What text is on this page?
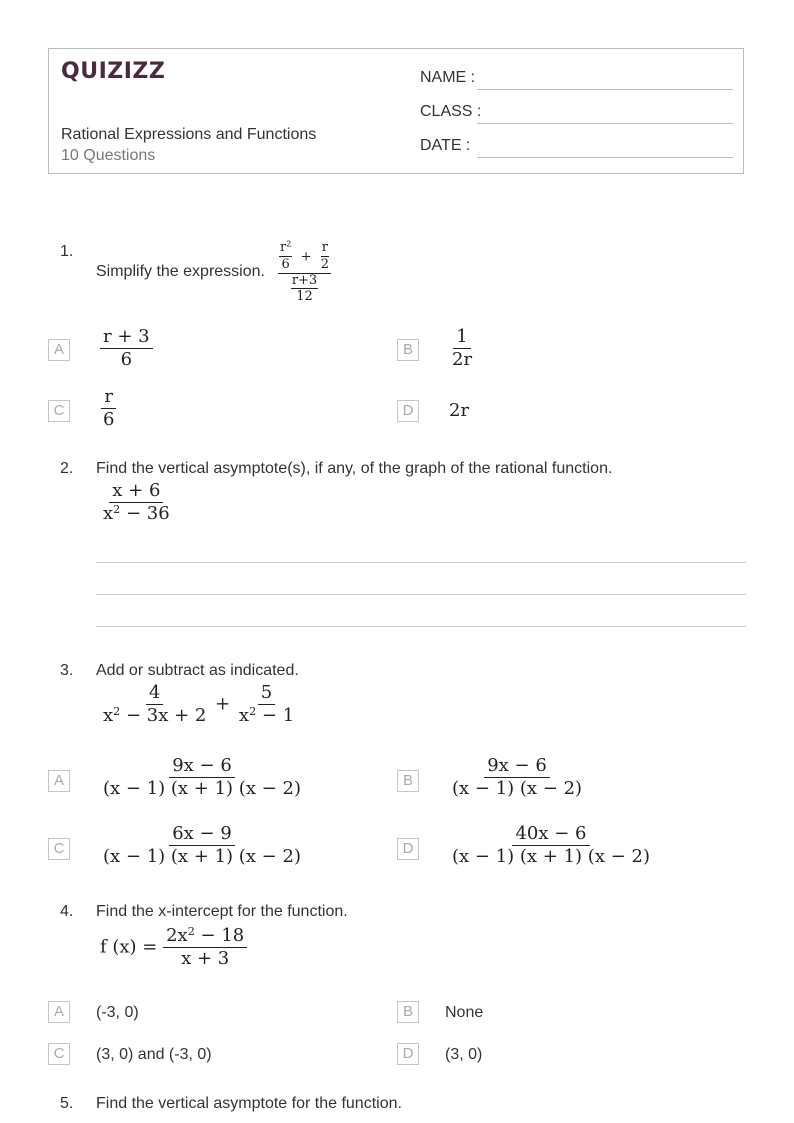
QUIZIZZ
Rational Expressions and Functions
10 Questions
NAME :
CLASS :
DATE :
1.
Simplify the expression. $\frac{\frac{r^2}{6} + \frac{r}{2}}{\frac{r+3}{12}}$
A	$\frac{r + 3}{6}$	B	$\frac{1}{2r}$
C	$\frac{r}{6}$	D	2r
2. Find the vertical asymptote(s), if any, of the graph of the rational function.
$\frac{x + 6}{x^2 - 36}$
3. Add or subtract as indicated.
$\frac{4}{x^2 - 3x + 2} + \frac{5}{x^2 - 1}$
A	$\frac{9x - 6}{(x - 1) (x + 1) (x - 2)}$	B	$\frac{9x - 6}{(x - 1) (x - 2)}$
C	$\frac{6x - 9}{(x - 1) (x + 1) (x - 2)}$	D	$\frac{40x - 6}{(x - 1) (x + 1) (x - 2)}$
4. Find the x-intercept for the function.
f $(x) = \frac{2x^2 - 18}{x + 3}$
A	(-3, 0)	B	None
C	(3, 0) and (-3, 0)	D	(3, 0)
5. Find the vertical asymptote for the function.
